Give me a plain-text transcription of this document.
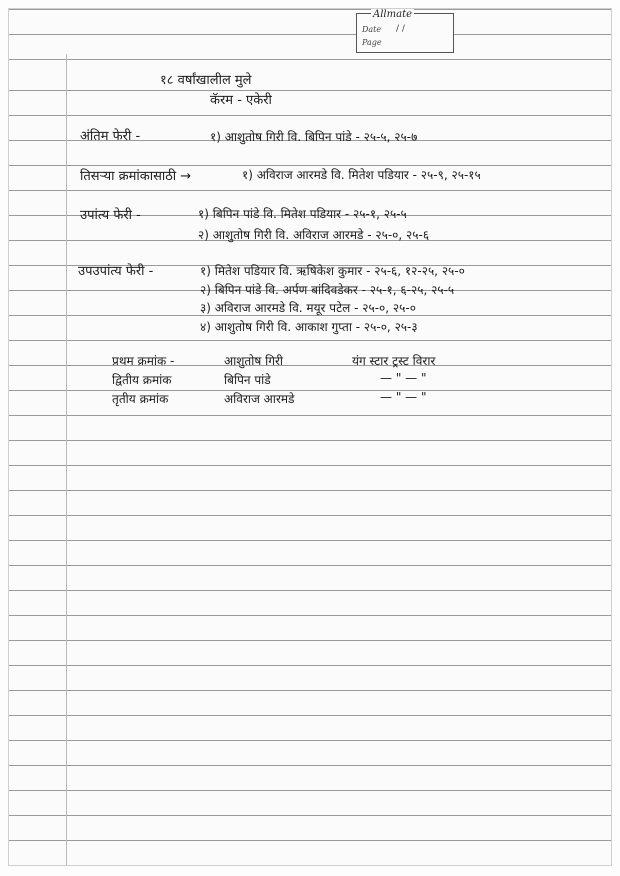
Allmate
Date / /
Page
१८ वर्षांखालील मुले
कॅरम - एकेरी
अंतिम फेरी -	१) आशुतोष गिरी वि. बिपिन पांडे - २५-५, २५-७
तिसऱ्या क्रमांकासाठी →	१) अविराज आरमडे वि. मितेश पडियार - २५-९, २५-१५
उपांत्य फेरी -	१) बिपिन पांडे वि. मितेश पडियार - २५-१, २५-५
२) आशुतोष गिरी वि. अविराज आरमडे - २५-०, २५-६
उपउपांत्य फेरी -	१) मितेश पडियार वि. ऋषिकेश कुमार - २५-६, १२-२५, २५-०
२) बिपिन पांडे वि. अर्पण बांदिवडेकर - २५-१, ६-२५, २५-५
३) अविराज आरमडे वि. मयूर पटेल - २५-०, २५-०
४) आशुतोष गिरी वि. आकाश गुप्ता - २५-०, २५-३
प्रथम क्रमांक -	आशुतोष गिरी	यंग स्टार ट्रस्ट विरार
द्वितीय क्रमांक	बिपिन पांडे	— " — "
तृतीय क्रमांक	अविराज आरमडे	— " — "
